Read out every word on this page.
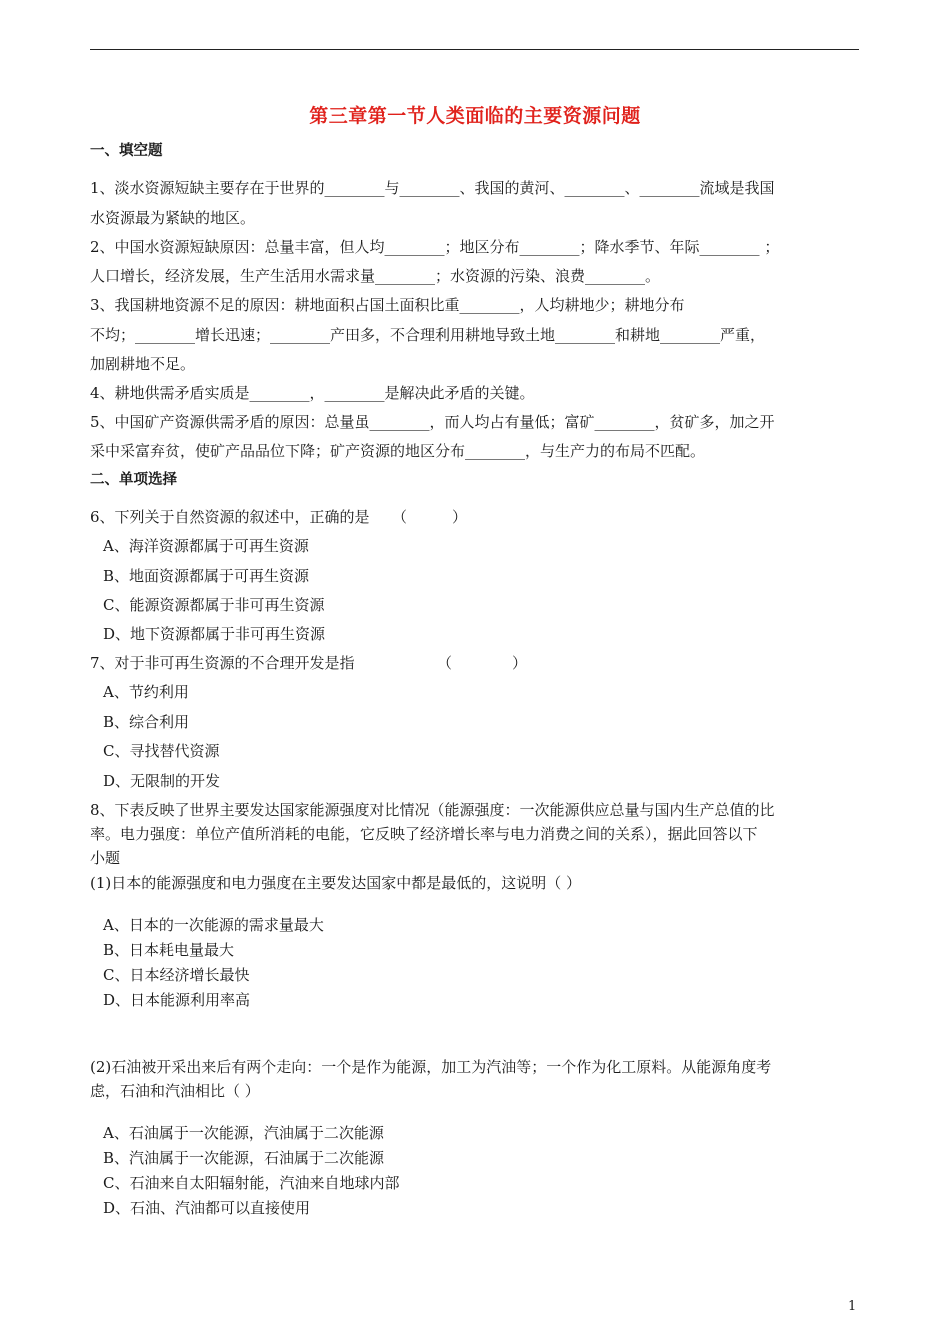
第三章第一节人类面临的主要资源问题
一、填空题
1、淡水资源短缺主要存在于世界的________与________、我国的黄河、________、________流域是我国
水资源最为紧缺的地区。
2、中国水资源短缺原因：总量丰富，但人均________；地区分布________；降水季节、年际________ ；
人口增长，经济发展，生产生活用水需求量________；水资源的污染、浪费________。
3、我国耕地资源不足的原因：耕地面积占国土面积比重________，人均耕地少；耕地分布
不均；________增长迅速；________产田多，不合理利用耕地导致土地________和耕地________严重，
加剧耕地不足。
4、耕地供需矛盾实质是________，________是解决此矛盾的关键。
5、中国矿产资源供需矛盾的原因：总量虽________，而人均占有量低；富矿________，贫矿多，加之开
采中采富弃贫，使矿产品品位下降；矿产资源的地区分布________，与生产力的布局不匹配。
二、单项选择
6、下列关于自然资源的叙述中，正确的是　　（　　　）
A、海洋资源都属于可再生资源
B、地面资源都属于可再生资源
C、能源资源都属于非可再生资源
D、地下资源都属于非可再生资源
7、对于非可再生资源的不合理开发是指　　　　　　（　　　　）
A、节约利用
B、综合利用
C、寻找替代资源
D、无限制的开发
8、下表反映了世界主要发达国家能源强度对比情况（能源强度：一次能源供应总量与国内生产总值的比
率。电力强度：单位产值所消耗的电能，它反映了经济增长率与电力消费之间的关系），据此回答以下
小题
(1)日本的能源强度和电力强度在主要发达国家中都是最低的，这说明（ ）
A、日本的一次能源的需求量最大
B、日本耗电量最大
C、日本经济增长最快
D、日本能源利用率高
(2)石油被开采出来后有两个走向：一个是作为能源，加工为汽油等；一个作为化工原料。从能源角度考
虑，石油和汽油相比（ ）
A、石油属于一次能源，汽油属于二次能源
B、汽油属于一次能源，石油属于二次能源
C、石油来自太阳辐射能，汽油来自地球内部
D、石油、汽油都可以直接使用
1
